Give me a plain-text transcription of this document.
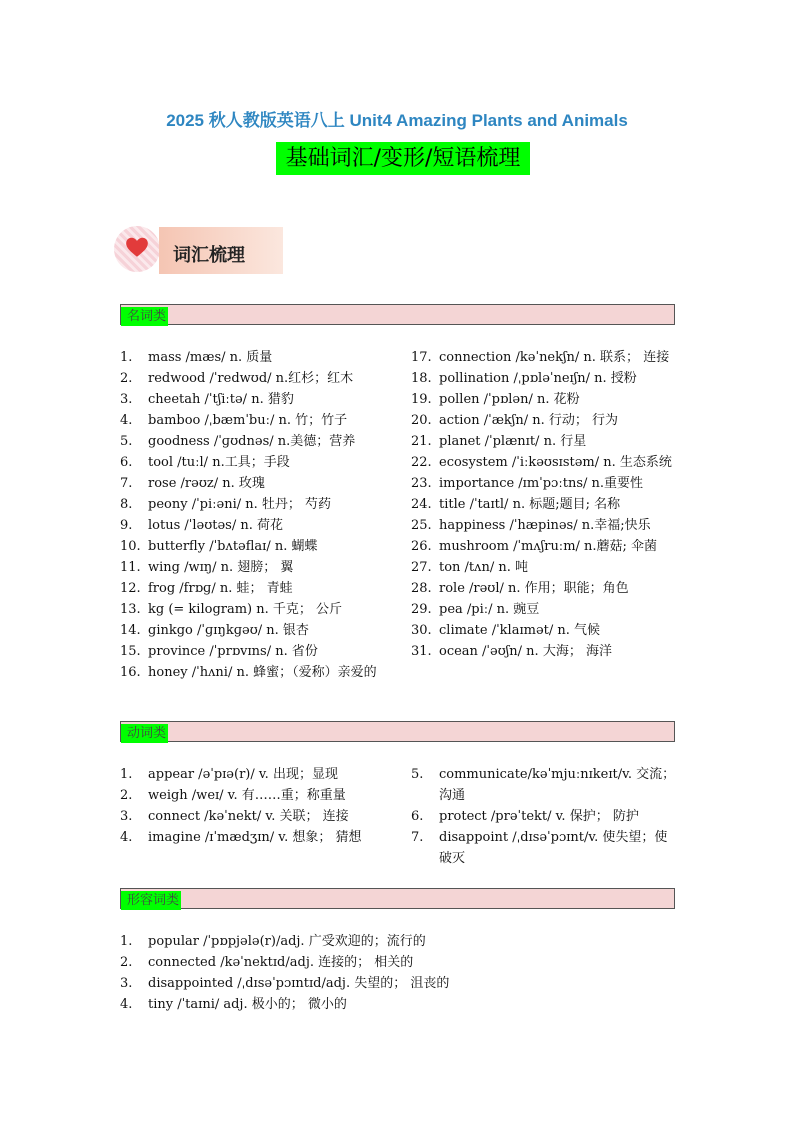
2025 秋人教版英语八上 Unit4 Amazing Plants and Animals
基础词汇/变形/短语梳理
词汇梳理
名词类
1. mass /mæs/ n. 质量
2. redwood /ˈredwʊd/ n.红杉；红木
3. cheetah /ˈtʃiːtə/ n. 猎豹
4. bamboo /ˌbæmˈbuː/ n. 竹；竹子
5. goodness /ˈɡʊdnəs/ n.美德；营养
6. tool /tuːl/ n.工具；手段
7. rose /rəʊz/ n. 玫瑰
8. peony /ˈpiːəni/ n. 牡丹； 芍药
9. lotus /ˈləʊtəs/ n. 荷花
10. butterfly /ˈbʌtəflaɪ/ n. 蝴蝶
11. wing /wɪŋ/ n. 翅膀； 翼
12. frog /frɒɡ/ n. 蛙； 青蛙
13. kg (= kilogram) n. 千克； 公斤
14. ginkgo /ˈɡɪŋkɡəʊ/ n. 银杏
15. province /ˈprɒvɪns/ n. 省份
16. honey /ˈhʌni/ n. 蜂蜜；（爱称）亲爱的
17. connection /kəˈnekʃn/ n. 联系； 连接
18. pollination /ˌpɒləˈneɪʃn/ n. 授粉
19. pollen /ˈpɒlən/ n. 花粉
20. action /ˈækʃn/ n. 行动； 行为
21. planet /ˈplænɪt/ n. 行星
22. ecosystem /ˈiːkəʊsɪstəm/ n. 生态系统
23. importance /ɪmˈpɔːtns/ n.重要性
24. title /ˈtaɪtl/ n. 标题;题目; 名称
25. happiness /ˈhæpinəs/ n.幸福;快乐
26. mushroom /ˈmʌʃruːm/ n.蘑菇; 伞菌
27. ton /tʌn/ n. 吨
28. role /rəʊl/ n. 作用；职能；角色
29. pea /piː/ n. 豌豆
30. climate /ˈklaɪmət/ n. 气候
31. ocean /ˈəʊʃn/ n. 大海； 海洋
动词类
1. appear /əˈpɪə(r)/ v. 出现；显现
2. weigh /weɪ/ v. 有……重；称重量
3. connect /kəˈnekt/ v. 关联； 连接
4. imagine /ɪˈmædʒɪn/ v. 想象； 猜想
5. communicate/kəˈmjuːnɪkeɪt/v. 交流；沟通
6. protect /prəˈtekt/ v. 保护； 防护
7. disappoint /ˌdɪsəˈpɔɪnt/v. 使失望；使破灭
形容词类
1. popular /ˈpɒpjələ(r)/adj. 广受欢迎的；流行的
2. connected /kəˈnektɪd/adj. 连接的； 相关的
3. disappointed /ˌdɪsəˈpɔɪntɪd/adj. 失望的； 沮丧的
4. tiny /ˈtaɪni/ adj. 极小的； 微小的
